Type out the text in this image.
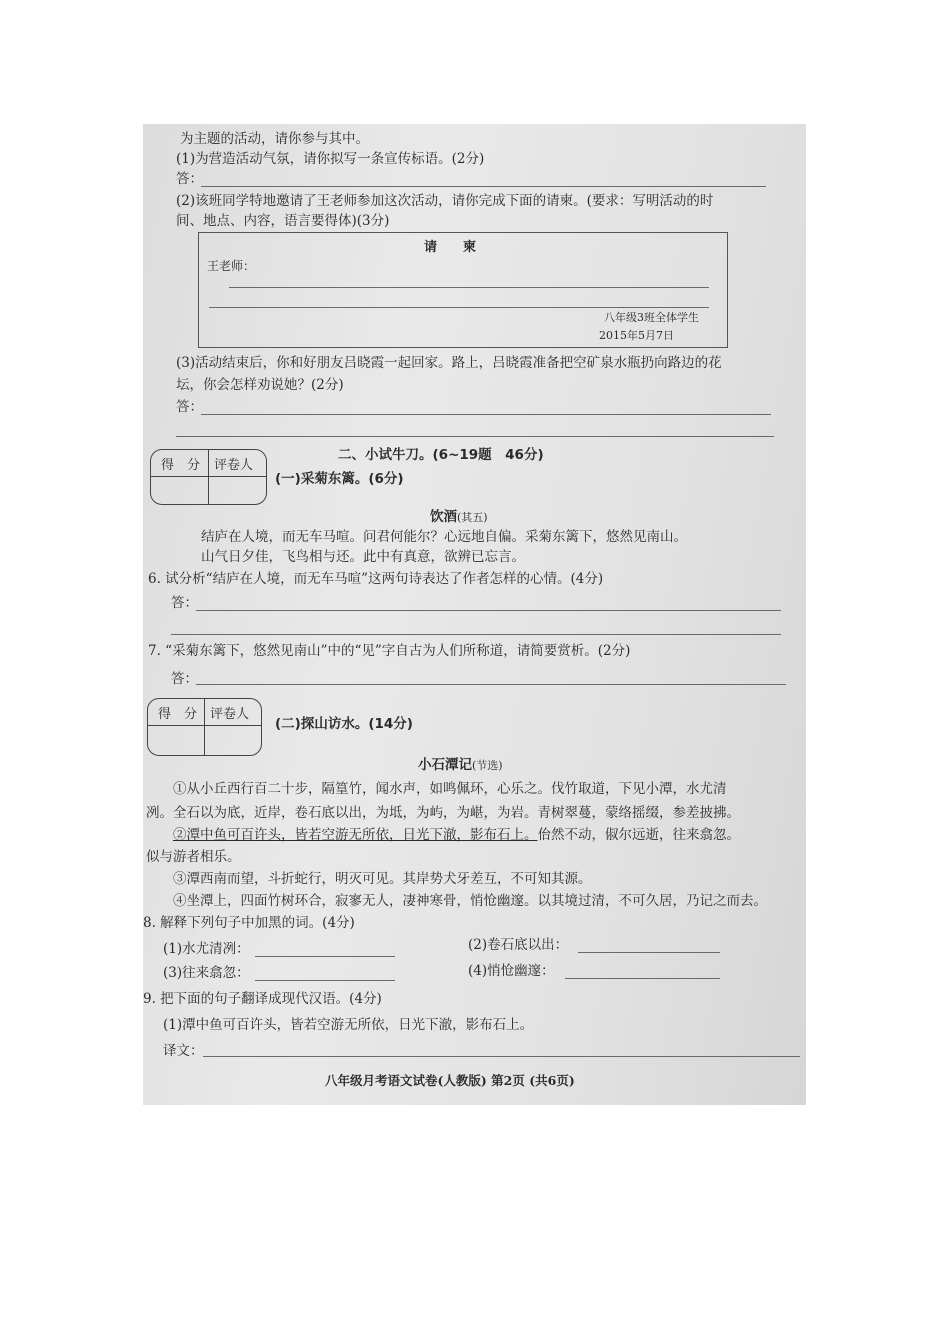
为主题的活动，请你参与其中。
(1)为营造活动气氛，请你拟写一条宣传标语。(2分)
答：
(2)该班同学特地邀请了王老师参加这次活动，请你完成下面的请柬。(要求：写明活动的时
间、地点、内容，语言要得体)(3分)
请　　柬
王老师：
八年级3班全体学生
2015年5月7日
(3)活动结束后，你和好朋友吕晓霞一起回家。路上，吕晓霞准备把空矿泉水瓶扔向路边的花
坛，你会怎样劝说她？(2分)
答：
得　分 评卷人
二、小试牛刀。(6~19题　46分)
(一)采菊东篱。(6分)
饮酒(其五)
结庐在人境，而无车马喧。问君何能尔？心远地自偏。采菊东篱下，悠然见南山。
山气日夕佳，飞鸟相与还。此中有真意，欲辨已忘言。
6. 试分析“结庐在人境，而无车马喧”这两句诗表达了作者怎样的心情。(4分)
答：
7. “采菊东篱下，悠然见南山”中的“见”字自古为人们所称道，请简要赏析。(2分)
答：
得　分 评卷人
(二)探山访水。(14分)
小石潭记(节选)
①从小丘西行百二十步，隔篁竹，闻水声，如鸣佩环，心乐之。伐竹取道，下见小潭，水尤清
冽。全石以为底，近岸，卷石底以出，为坻，为屿，为嵁，为岩。青树翠蔓，蒙络摇缀，参差披拂。
②潭中鱼可百许头，皆若空游无所依，日光下澈，影布石上。佁然不动，俶尔远逝，往来翕忽。
似与游者相乐。
③潭西南而望，斗折蛇行，明灭可见。其岸势犬牙差互，不可知其源。
④坐潭上，四面竹树环合，寂寥无人，凄神寒骨，悄怆幽邃。以其境过清，不可久居，乃记之而去。
8. 解释下列句子中加黑的词。(4分)
(1)水尤清冽：	(2)卷石底以出：
(3)往来翕忽：	(4)悄怆幽邃：
9. 把下面的句子翻译成现代汉语。(4分)
(1)潭中鱼可百许头，皆若空游无所依，日光下澈，影布石上。
译文：
八年级月考语文试卷(人教版) 第2页 (共6页)
